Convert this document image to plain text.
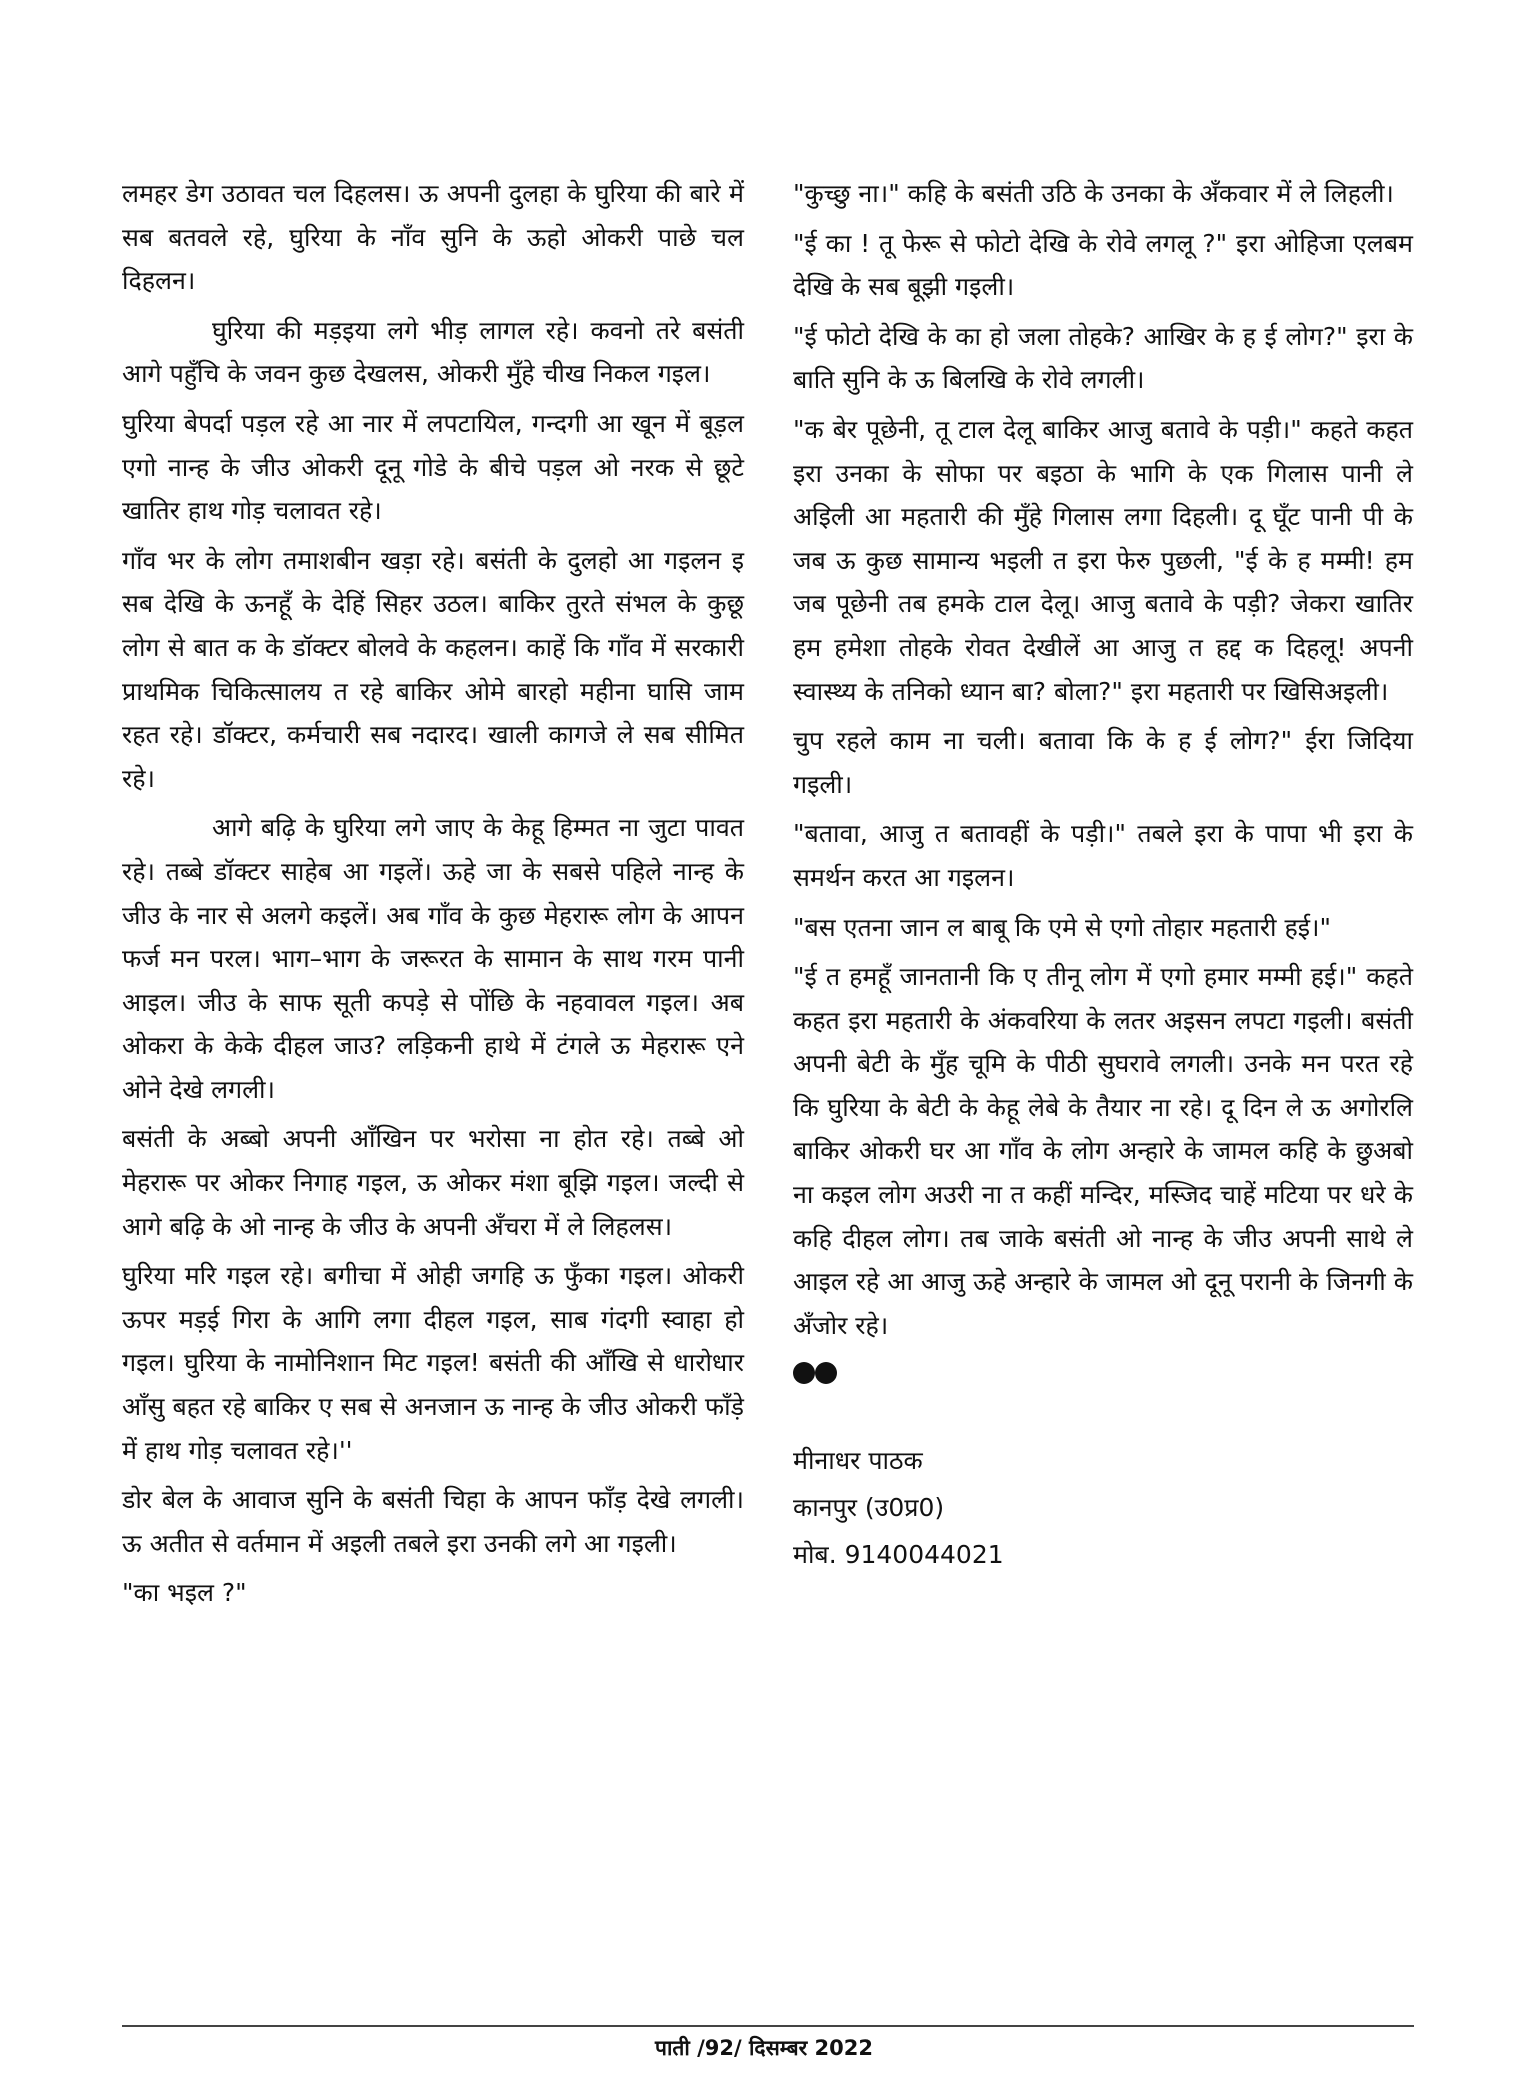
लमहर डेग उठावत चल दिहलस। ऊ अपनी दुलहा के घुरिया की बारे में सब बतवले रहे, घुरिया के नाँव सुनि के ऊहो ओकरी पाछे चल दिहलन।

घुरिया की मड़इया लगे भीड़ लागल रहे। कवनो तरे बसंती आगे पहुँचि के जवन कुछ देखलस, ओकरी मुँहे चीख निकल गइल।

घुरिया बेपर्दा पड़ल रहे आ नार में लपटायिल, गन्दगी आ खून में बूड़ल एगो नान्ह के जीउ ओकरी दूनू गोडे के बीचे पड़ल ओ नरक से छूटे खातिर हाथ गोड़ चलावत रहे।

गाँव भर के लोग तमाशबीन खड़ा रहे। बसंती के दुलहो आ गइलन इ सब देखि के ऊनहूँ के देहिं सिहर उठल। बाकिर तुरते संभल के कुछू लोग से बात क के डॉक्टर बोलवे के कहलन। काहें कि गाँव में सरकारी प्राथमिक चिकित्सालय त रहे बाकिर ओमे बारहो महीना घासि जाम रहत रहे। डॉक्टर, कर्मचारी सब नदारद। खाली कागजे ले सब सीमित रहे।

आगे बढ़ि के घुरिया लगे जाए के केहू हिम्मत ना जुटा पावत रहे। तब्बे डॉक्टर साहेब आ गइलें। ऊहे जा के सबसे पहिले नान्ह के जीउ के नार से अलगे कइलें। अब गाँव के कुछ मेहरारू लोग के आपन फर्ज मन परल। भाग–भाग के जरूरत के सामान के साथ गरम पानी आइल। जीउ के साफ सूती कपड़े से पोंछि के नहवावल गइल। अब ओकरा के केके दीहल जाउ? लड़िकनी हाथे में टंगले ऊ मेहरारू एने ओने देखे लगली।

बसंती के अब्बो अपनी आँखिन पर भरोसा ना होत रहे। तब्बे ओ मेहरारू पर ओकर निगाह गइल, ऊ ओकर मंशा बूझि गइल। जल्दी से आगे बढ़ि के ओ नान्ह के जीउ के अपनी अँचरा में ले लिहलस।

घुरिया मरि गइल रहे। बगीचा में ओही जगहि ऊ फुँका गइल। ओकरी ऊपर मड़ई गिरा के आगि लगा दीहल गइल, साब गंदगी स्वाहा हो गइल। घुरिया के नामोनिशान मिट गइल! बसंती की आँखि से धारोधार आँसु बहत रहे बाकिर ए सब से अनजान ऊ नान्ह के जीउ ओकरी फाँड़े में हाथ गोड़ चलावत रहे।''

डोर बेल के आवाज सुनि के बसंती चिहा के आपन फाँड़ देखे लगली। ऊ अतीत से वर्तमान में अइली तबले इरा उनकी लगे आ गइली।

"का भइल ?"

"कुच्छु ना।" कहि के बसंती उठि के उनका के अँकवार में ले लिहली।

"ई का ! तू फेरू से फोटो देखि के रोवे लगलू ?" इरा ओहिजा एलबम देखि के सब बूझी गइली।

"ई फोटो देखि के का हो जला तोहके? आखिर के ह ई लोग?" इरा के बाति सुनि के ऊ बिलखि के रोवे लगली।

"क बेर पूछेनी, तू टाल देलू बाकिर आजु बतावे के पड़ी।" कहते कहत इरा उनका के सोफा पर बइठा के भागि के एक गिलास पानी ले अइिली आ महतारी की मुँहे गिलास लगा दिहली। दू घूँट पानी पी के जब ऊ कुछ सामान्य भइली त इरा फेरु पुछली, "ई के ह मम्मी! हम जब पूछेनी तब हमके टाल देलू। आजु बतावे के पड़ी? जेकरा खातिर हम हमेशा तोहके रोवत देखीलें आ आजु त हद्द क दिहलू! अपनी स्वास्थ्य के तनिको ध्यान बा? बोला?" इरा महतारी पर खिसिअइली।

चुप रहले काम ना चली। बतावा कि के ह ई लोग?" ईरा जिदिया गइली।

"बतावा, आजु त बतावहीं के पड़ी।" तबले इरा के पापा भी इरा के समर्थन करत आ गइलन।

"बस एतना जान ल बाबू कि एमे से एगो तोहार महतारी हई।"

"ई त हमहूँ जानतानी कि ए तीनू लोग में एगो हमार मम्मी हई।" कहते कहत इरा महतारी के अंकवरिया के लतर अइसन लपटा गइली। बसंती अपनी बेटी के मुँह चूमि के पीठी सुघरावे लगली। उनके मन परत रहे कि घुरिया के बेटी के केहू लेबे के तैयार ना रहे। दू दिन ले ऊ अगोरलि बाकिर ओकरी घर आ गाँव के लोग अन्हारे के जामल कहि के छुअबो ना कइल लोग अउरी ना त कहीं मन्दिर, मस्जिद चाहें मटिया पर धरे के कहि दीहल लोग। तब जाके बसंती ओ नान्ह के जीउ अपनी साथे ले आइल रहे आ आजु ऊहे अन्हारे के जामल ओ दूनू परानी के जिनगी के अँजोर रहे।

मीनाधर पाठक
कानपुर (उ0प्र0)
मोब. 9140044021
पाती /92/ दिसम्बर 2022
